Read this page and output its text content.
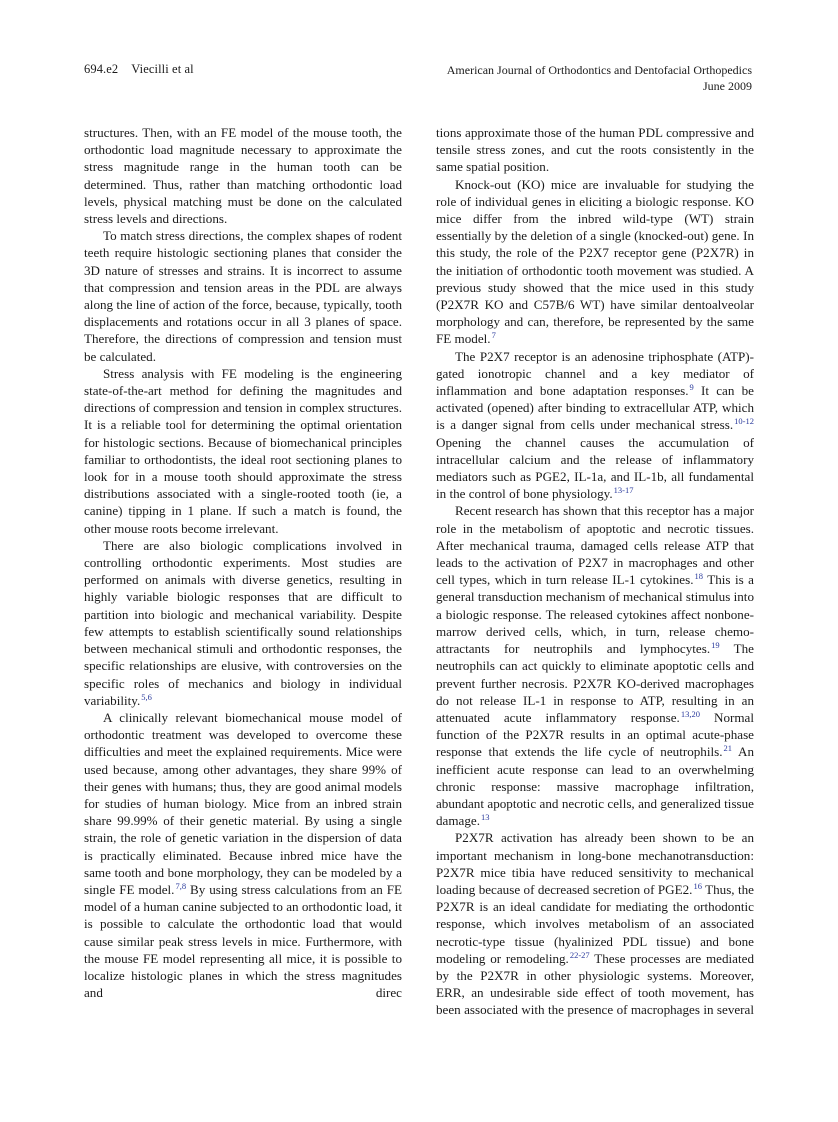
694.e2 Viecilli et al	American Journal of Orthodontics and Dentofacial Orthopedics
June 2009

structures. Then, with an FE model of the mouse tooth, the orthodontic load magnitude necessary to approximate the stress magnitude range in the human tooth can be determined. Thus, rather than matching orthodontic load levels, physical matching must be done on the calculated stress levels and directions.

To match stress directions, the complex shapes of rodent teeth require histologic sectioning planes that consider the 3D nature of stresses and strains. It is incorrect to assume that compression and tension areas in the PDL are always along the line of action of the force, because, typically, tooth displacements and rotations occur in all 3 planes of space. Therefore, the directions of compression and tension must be calculated.

Stress analysis with FE modeling is the engineering state-of-the-art method for defining the magnitudes and directions of compression and tension in complex structures. It is a reliable tool for determining the optimal orientation for histologic sections. Because of biomechanical principles familiar to orthodontists, the ideal root sectioning planes to look for in a mouse tooth should approximate the stress distributions associated with a single-rooted tooth (ie, a canine) tipping in 1 plane. If such a match is found, the other mouse roots become irrelevant.

There are also biologic complications involved in controlling orthodontic experiments. Most studies are performed on animals with diverse genetics, resulting in highly variable biologic responses that are difficult to partition into biologic and mechanical variability. Despite few attempts to establish scientifically sound relationships between mechanical stimuli and orthodontic responses, the specific relationships are elusive, with controversies on the specific roles of mechanics and biology in individual variability.$^{5,6}$

A clinically relevant biomechanical mouse model of orthodontic treatment was developed to overcome these difficulties and meet the explained requirements. Mice were used because, among other advantages, they share 99% of their genes with humans; thus, they are good animal models for studies of human biology. Mice from an inbred strain share 99.99% of their genetic material. By using a single strain, the role of genetic variation in the dispersion of data is practically eliminated. Because inbred mice have the same tooth and bone morphology, they can be modeled by a single FE model.$^{7,8}$ By using stress calculations from an FE model of a human canine subjected to an orthodontic load, it is possible to calculate the orthodontic load that would cause similar peak stress levels in mice. Furthermore, with the mouse FE model representing all mice, it is possible to localize histologic planes in which the stress magnitudes and direc

tions approximate those of the human PDL compressive and tensile stress zones, and cut the roots consistently in the same spatial position.

Knock-out (KO) mice are invaluable for studying the role of individual genes in eliciting a biologic response. KO mice differ from the inbred wild-type (WT) strain essentially by the deletion of a single (knocked-out) gene. In this study, the role of the P2X7 receptor gene (P2X7R) in the initiation of orthodontic tooth movement was studied. A previous study showed that the mice used in this study (P2X7R KO and C57B/6 WT) have similar dentoalveolar morphology and can, therefore, be represented by the same FE model.$^7$

The P2X7 receptor is an adenosine triphosphate (ATP)-gated ionotropic channel and a key mediator of inflammation and bone adaptation responses.$^9$ It can be activated (opened) after binding to extracellular ATP, which is a danger signal from cells under mechanical stress.$^{10-12}$ Opening the channel causes the accumulation of intracellular calcium and the release of inflammatory mediators such as PGE2, IL-1a, and IL-1b, all fundamental in the control of bone physiology.$^{13-17}$

Recent research has shown that this receptor has a major role in the metabolism of apoptotic and necrotic tissues. After mechanical trauma, damaged cells release ATP that leads to the activation of P2X7 in macrophages and other cell types, which in turn release IL-1 cytokines.$^{18}$ This is a general transduction mechanism of mechanical stimulus into a biologic response. The released cytokines affect nonbone-marrow derived cells, which, in turn, release chemo-attractants for neutrophils and lymphocytes.$^{19}$ The neutrophils can act quickly to eliminate apoptotic cells and prevent further necrosis. P2X7R KO-derived macrophages do not release IL-1 in response to ATP, resulting in an attenuated acute inflammatory response.$^{13,20}$ Normal function of the P2X7R results in an optimal acute-phase response that extends the life cycle of neutrophils.$^{21}$ An inefficient acute response can lead to an overwhelming chronic response: massive macrophage infiltration, abundant apoptotic and necrotic cells, and generalized tissue damage.$^{13}$

P2X7R activation has already been shown to be an important mechanism in long-bone mechanotransduction: P2X7R mice tibia have reduced sensitivity to mechanical loading because of decreased secretion of PGE2.16 Thus, the P2X7R is an ideal candidate for mediating the orthodontic response, which involves metabolism of an associated necrotic-type tissue (hyalinized PDL tissue) and bone modeling or remodeling.$^{22-27}$ These processes are mediated by the P2X7R in other physiologic systems. Moreover, ERR, an undesirable side effect of tooth movement, has been associated with the presence of macrophages in several
